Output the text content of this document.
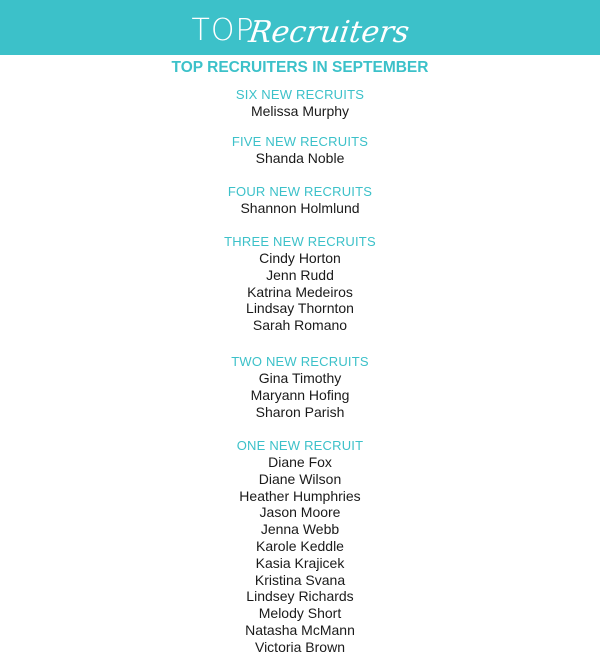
TOP
Recruiters
TOP RECRUITERS IN SEPTEMBER
SIX NEW RECRUITS
Melissa Murphy
FIVE NEW RECRUITS
Shanda Noble
FOUR NEW RECRUITS
Shannon Holmlund
THREE NEW RECRUITS
Cindy Horton
Jenn Rudd
Katrina Medeiros
Lindsay Thornton
Sarah Romano
TWO NEW RECRUITS
Gina Timothy
Maryann Hofing
Sharon Parish
ONE NEW RECRUIT
Diane Fox
Diane Wilson
Heather Humphries
Jason Moore
Jenna Webb
Karole Keddle
Kasia Krajicek
Kristina Svana
Lindsey Richards
Melody Short
Natasha McMann
Victoria Brown
